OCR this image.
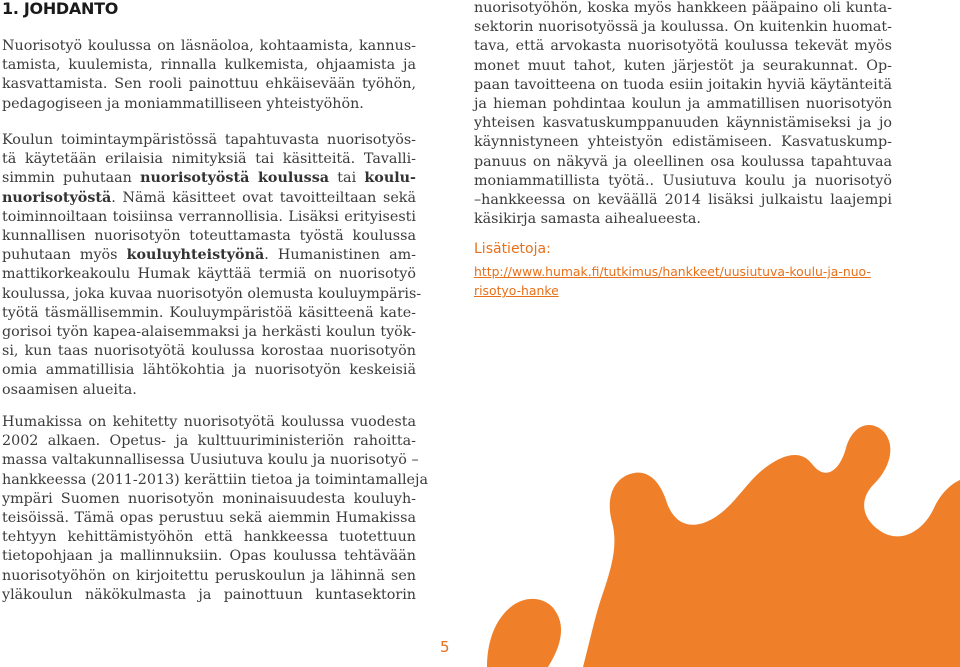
1. JOHDANTO

Nuorisotyö koulussa on läsnäoloa, kohtaamista, kannus-
tamista, kuulemista, rinnalla kulkemista, ohjaamista ja
kasvattamista. Sen rooli painottuu ehkäisevään työhön,
pedagogiseen ja moniammatilliseen yhteistyöhön.

Koulun toimintaympäristössä tapahtuvasta nuorisotyös-
tä käytetään erilaisia nimityksiä tai käsitteitä. Tavalli-
simmin puhutaan nuorisotyöstä koulussa tai koulu-
nuorisotyöstä. Nämä käsitteet ovat tavoitteiltaan sekä
toiminnoiltaan toisiinsa verrannollisia. Lisäksi erityisesti
kunnallisen nuorisotyön toteuttamasta työstä koulussa
puhutaan myös kouluyhteistyönä. Humanistinen am-
mattikorkeakoulu Humak käyttää termiä on nuorisotyö
koulussa, joka kuvaa nuorisotyön olemusta kouluympäris-
työtä täsmällisemmin. Kouluympäristöä käsitteenä kate-
gorisoi työn kapea-alaisemmaksi ja herkästi koulun työk-
si, kun taas nuorisotyötä koulussa korostaa nuorisotyön
omia ammatillisia lähtökohtia ja nuorisotyön keskeisiä
osaamisen alueita.
Humakissa on kehitetty nuorisotyötä koulussa vuodesta
2002 alkaen. Opetus- ja kulttuuriministeriön rahoitta-
massa valtakunnallisessa Uusiutuva koulu ja nuorisotyö –
hankkeessa (2011-2013) kerättiin tietoa ja toimintamalleja
ympäri Suomen nuorisotyön moninaisuudesta kouluyh-
teisöissä. Tämä opas perustuu sekä aiemmin Humakissa
tehtyyn kehittämistyöhön että hankkeessa tuotettuun
tietopohjaan ja mallinnuksiin. Opas koulussa tehtävään
nuorisotyöhön on kirjoitettu peruskoulun ja lähinnä sen
yläkoulun näkökulmasta ja painottuun kuntasektorin
nuorisotyöhön, koska myös hankkeen pääpaino oli kunta-
sektorin nuorisotyössä ja koulussa. On kuitenkin huomat-
tava, että arvokasta nuorisotyötä koulussa tekevät myös
monet muut tahot, kuten järjestöt ja seurakunnat. Op-
paan tavoitteena on tuoda esiin joitakin hyviä käytänteitä
ja hieman pohdintaa koulun ja ammatillisen nuorisotyön
yhteisen kasvatuskumppanuuden käynnistämiseksi ja jo
käynnistyneen yhteistyön edistämiseen. Kasvatuskump-
panuus on näkyvä ja oleellinen osa koulussa tapahtuvaa
moniammatillista työtä.. Uusiutuva koulu ja nuorisotyö
–hankkeessa on keväällä 2014 lisäksi julkaistu laajempi
käsikirja samasta aihealueesta.
Lisätietoja:
http://www.humak.fi/tutkimus/hankkeet/uusiutuva-koulu-ja-nuo-
risotyo-hanke
5
